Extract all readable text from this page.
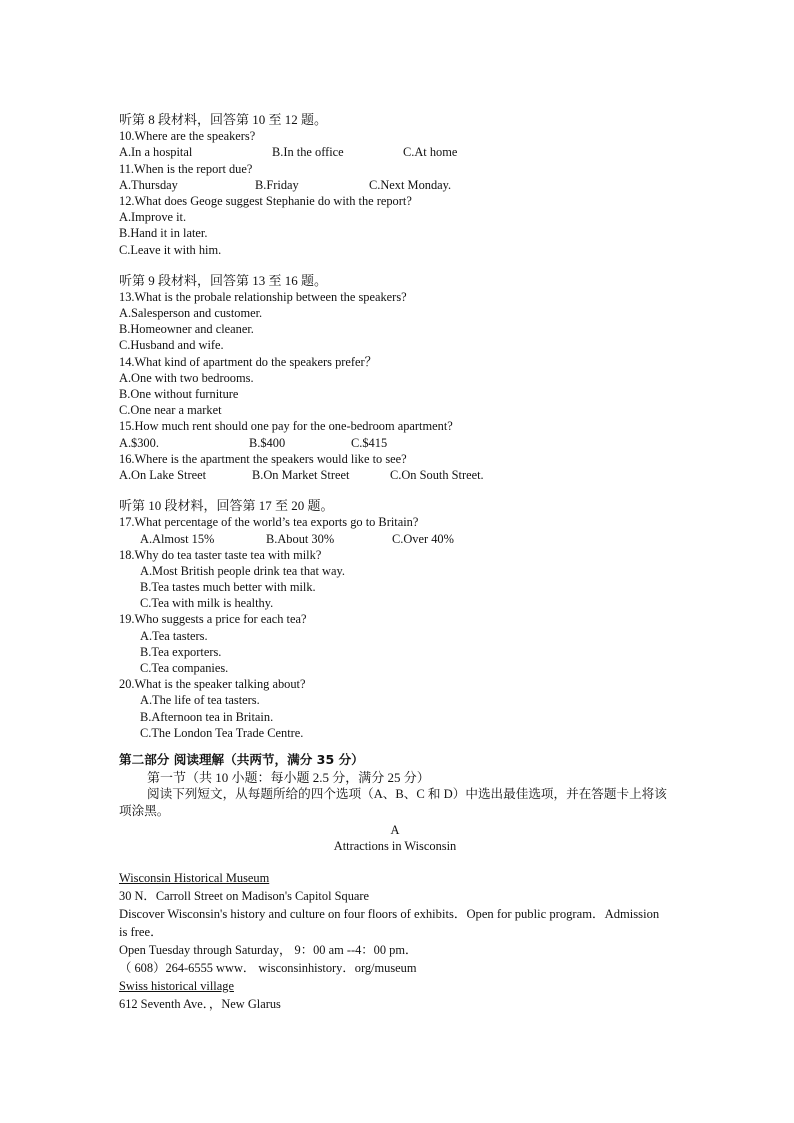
听第 8 段材料，回答第 10 至 12 题。
10.Where are the speakers?
A.In a hospital	B.In the office	C.At home
11.When is the report due?
A.Thursday	B.Friday	C.Next Monday.
12.What does Geoge suggest Stephanie do with the report?
A.Improve it.
B.Hand it in later.
C.Leave it with him.
听第 9 段材料，回答第 13 至 16 题。
13.What is the probale relationship between the speakers?
A.Salesperson and customer.
B.Homeowner and cleaner.
C.Husband and wife.
14.What kind of apartment do the speakers prefer？
A.One with two bedrooms.
B.One without furniture
C.One near a market
15.How much rent should one pay for the one-bedroom apartment?
A.$300.	B.$400	C.$415
16.Where is the apartment the speakers would like to see?
A.On Lake Street	B.On Market Street	C.On South Street.
听第 10 段材料，回答第 17 至 20 题。
17.What percentage of the world’s tea exports go to Britain?
A.Almost 15%	B.About 30%	C.Over 40%
18.Why do tea taster taste tea with milk?
A.Most British people drink tea that way.
B.Tea tastes much better with milk.
C.Tea with milk is healthy.
19.Who suggests a price for each tea?
A.Tea tasters.
B.Tea exporters.
C.Tea companies.
20.What is the speaker talking about?
A.The life of tea tasters.
B.Afternoon tea in Britain.
C.The London Tea Trade Centre.
第二部分 阅读理解（共两节，满分 35 分）
第一节（共 10 小题：每小题 2.5 分，满分 25 分）
阅读下列短文，从每题所给的四个选项（A、B、C 和 D）中选出最佳选项，并在答题卡上将该项涂黑。
A
Attractions in Wisconsin
Wisconsin Historical Museum
30 N．Carroll Street on Madison's Capitol Square
Discover Wisconsin's history and culture on four floors of exhibits．Open for public program．Admission is free．
Open Tuesday through Saturday， 9：00 am --4：00 pm．
（ 608）264-6555 www． wisconsinhistory．org/museum
Swiss historical village
612 Seventh Ave．，New Glarus
